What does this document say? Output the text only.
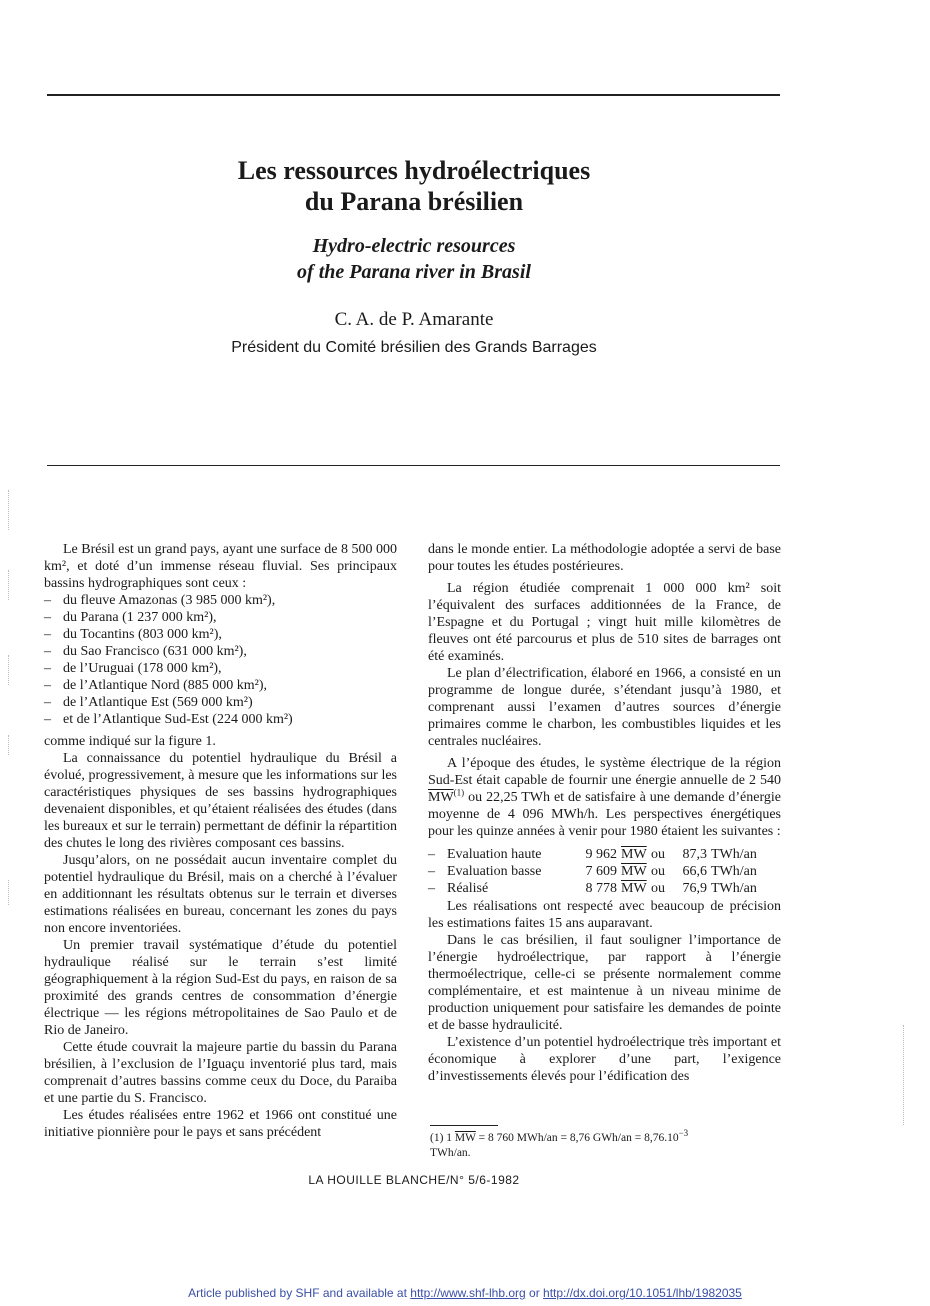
Les ressources hydroélectriques
du Parana brésilien
Hydro-electric resources
of the Parana river in Brasil
C. A. de P. Amarante
Président du Comité brésilien des Grands Barrages

Le Brésil est un grand pays, ayant une surface de 8 500 000 km², et doté d’un immense réseau fluvial. Ses principaux bassins hydrographiques sont ceux :

– du fleuve Amazonas (3 985 000 km²),
– du Parana (1 237 000 km²),
– du Tocantins (803 000 km²),
– du Sao Francisco (631 000 km²),
– de l’Uruguai (178 000 km²),
– de l’Atlantique Nord (885 000 km²),
– de l’Atlantique Est (569 000 km²)
– et de l’Atlantique Sud-Est (224 000 km²)

comme indiqué sur la figure 1.

La connaissance du potentiel hydraulique du Brésil a évolué, progressivement, à mesure que les informations sur les caractéristiques physiques de ses bassins hydrographiques devenaient disponibles, et qu’étaient réalisées des études (dans les bureaux et sur le terrain) permettant de définir la répartition des chutes le long des rivières composant ces bassins.

Jusqu’alors, on ne possédait aucun inventaire complet du potentiel hydraulique du Brésil, mais on a cherché à l’évaluer en additionnant les résultats obtenus sur le terrain et diverses estimations réalisées en bureau, concernant les zones du pays non encore inventoriées.

Un premier travail systématique d’étude du potentiel hydraulique réalisé sur le terrain s’est limité géographiquement à la région Sud-Est du pays, en raison de sa proximité des grands centres de consommation d’énergie électrique — les régions métropolitaines de Sao Paulo et de Rio de Janeiro.

Cette étude couvrait la majeure partie du bassin du Parana brésilien, à l’exclusion de l’Iguaçu inventorié plus tard, mais comprenait d’autres bassins comme ceux du Doce, du Paraiba et une partie du S. Francisco.

Les études réalisées entre 1962 et 1966 ont constitué une initiative pionnière pour le pays et sans précédent

dans le monde entier. La méthodologie adoptée a servi de base pour toutes les études postérieures.

La région étudiée comprenait 1 000 000 km² soit l’équivalent des surfaces additionnées de la France, de l’Espagne et du Portugal ; vingt huit mille kilomètres de fleuves ont été parcourus et plus de 510 sites de barrages ont été examinés.

Le plan d’électrification, élaboré en 1966, a consisté en un programme de longue durée, s’étendant jusqu’à 1980, et comprenant aussi l’examen d’autres sources d’énergie primaires comme le charbon, les combustibles liquides et les centrales nucléaires.

A l’époque des études, le système électrique de la région Sud-Est était capable de fournir une énergie annuelle de 2 540 $\overline{MW}^{(1)}$ ou 22,25 TWh et de satisfaire à une demande d’énergie moyenne de 4 096 MWh/h. Les perspectives énergétiques pour les quinze années à venir pour 1980 étaient les suivantes :

–	Evaluation haute	9 962	$\overline{MW}$	ou	87,3	TWh/an
–	Evaluation basse	7 609	$\overline{MW}$	ou	66,6	TWh/an
–	Réalisé	8 778	$\overline{MW}$	ou	76,9	TWh/an

Les réalisations ont respecté avec beaucoup de précision les estimations faites 15 ans auparavant.

Dans le cas brésilien, il faut souligner l’importance de l’énergie hydroélectrique, par rapport à l’énergie thermoélectrique, celle-ci se présente normalement comme complémentaire, et est maintenue à un niveau minime de production uniquement pour satisfaire les demandes de pointe et de basse hydraulicité.

L’existence d’un potentiel hydroélectrique très important et économique à explorer d’une part, l’exigence d’investissements élevés pour l’édification des

(1) 1 $\overline{MW} = 8$ 760 MWh/an = 8,76 $GWh/an = 8,76.10^{-3}$
TWh/an.
LA HOUILLE BLANCHE/N° 5/6-1982
Article published by SHF and available at http://www.shf-lhb.org or http://dx.doi.org/10.1051/lhb/1982035
